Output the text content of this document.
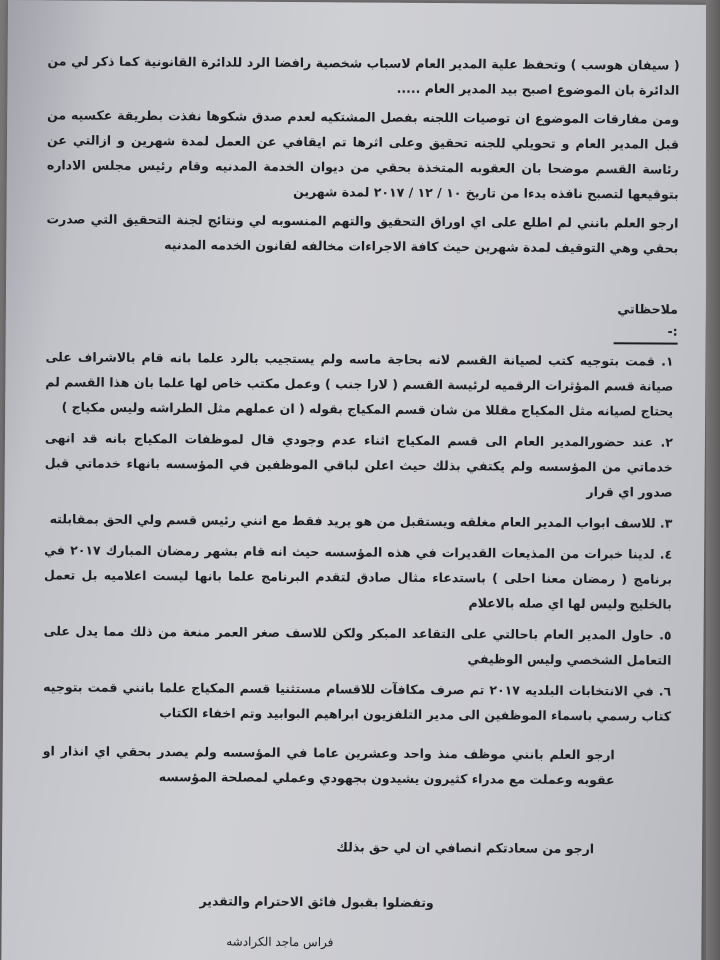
( سيفان هوسب ) وتحفظ علية المدير العام لاسباب شخصية رافضا الرد للدائرة القانونية كما ذكر لي من الدائرة بان الموضوع اصبح بيد المدير العام .....

ومن مفارقات الموضوع ان توصيات اللجنه بفصل المشتكيه لعدم صدق شكوها نفذت بطريقة عكسيه من قبل المدير العام و تحويلي للجنه تحقيق وعلى اثرها تم ايقافي عن العمل لمدة شهرين و ازالتي عن رئاسة القسم موضحا بان العقوبه المتخذة بحقي من ديوان الخدمة المدنيه وقام رئيس مجلس الاداره بتوقيعها لتصبح نافذه بدءا من تاريخ ١٠ / ١٢ / ٢٠١٧ لمدة شهرين

ارجو العلم بانني لم اطلع على اي اوراق التحقيق والتهم المنسوبه لي ونتائج لجنة التحقيق التي صدرت بحقي وهي التوقيف لمدة شهرين حيث كافة الاجراءات مخالفه لقانون الخدمه المدنيه

ملاحظاتي :-

١. قمت بتوجيه كتب لصيانة القسم لانه بحاجة ماسه ولم يستجيب بالرد علما بانه قام بالاشراف على صيانة قسم المؤثرات الرقميه لرئيسة القسم ( لارا جنب ) وعمل مكتب خاص لها علما بان هذا القسم لم يحتاج لصيانه مثل المكياج مقللا من شان قسم المكياج بقوله ( ان عملهم مثل الطراشه وليس مكياج )

٢. عند حضورالمدير العام الى قسم المكياج اثناء عدم وجودي قال لموظفات المكياج بانه قد انهى خدماتي من المؤسسه ولم يكتفي بذلك حيث اعلن لباقي الموظفين في المؤسسه بانهاء خدماتي قبل صدور اي قرار

٣. للاسف ابواب المدير العام مغلقه ويستقبل من هو يريد فقط مع انني رئيس قسم ولي الحق بمقابلته

٤. لدينا خبرات من المذيعات القديرات في هذه المؤسسه حيث انه قام بشهر رمضان المبارك ٢٠١٧ في برنامج ( رمضان معنا احلى ) باستدعاء مثال صادق لتقدم البرنامج علما بانها ليست اعلاميه بل تعمل بالخليج وليس لها اي صله بالاعلام

٥. حاول المدير العام باحالتي على التقاعد المبكر ولكن للاسف صغر العمر منعة من ذلك مما يدل على التعامل الشخصي وليس الوظيفي

٦. في الانتخابات البلديه ٢٠١٧ تم صرف مكافآت للاقسام مستثنيا قسم المكياج علما بانني قمت بتوجيه كتاب رسمي باسماء الموظفين الى مدير التلفزيون ابراهيم البوابيد وتم اخفاء الكتاب

ارجو العلم بانني موظف منذ واحد وعشرين عاما في المؤسسه ولم يصدر بحقي اي انذار او عقوبه وعملت مع مدراء كثيرون يشيدون بجهودي وعملي لمصلحة المؤسسه

ارجو من سعادتكم انصافي ان لي حق بذلك

وتفضلوا بقبول فائق الاحترام والتقدير

فراس ماجد الكرادشه
